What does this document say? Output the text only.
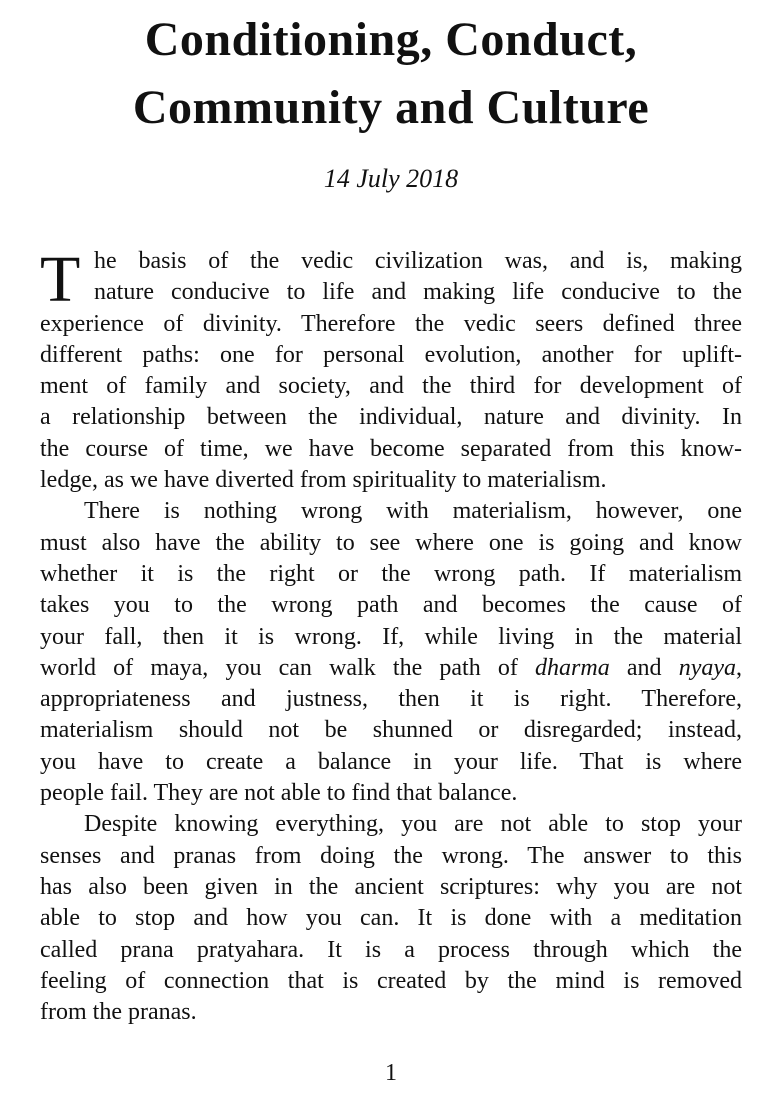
Conditioning, Conduct,
Community and Culture
14 July 2018
T he basis of the vedic civilization was, and is, making
nature conducive to life and making life conducive to the
experience of divinity. Therefore the vedic seers defined three
different paths: one for personal evolution, another for uplift-
ment of family and society, and the third for development of
a relationship between the individual, nature and divinity. In
the course of time, we have become separated from this know-
ledge, as we have diverted from spirituality to materialism.
There is nothing wrong with materialism, however, one
must also have the ability to see where one is going and know
whether it is the right or the wrong path. If materialism
takes you to the wrong path and becomes the cause of
your fall, then it is wrong. If, while living in the material
world of maya, you can walk the path of dharma and nyaya,
appropriateness and justness, then it is right. Therefore,
materialism should not be shunned or disregarded; instead,
you have to create a balance in your life. That is where
people fail. They are not able to find that balance.
Despite knowing everything, you are not able to stop your
senses and pranas from doing the wrong. The answer to this
has also been given in the ancient scriptures: why you are not
able to stop and how you can. It is done with a meditation
called prana pratyahara. It is a process through which the
feeling of connection that is created by the mind is removed
from the pranas.
1
